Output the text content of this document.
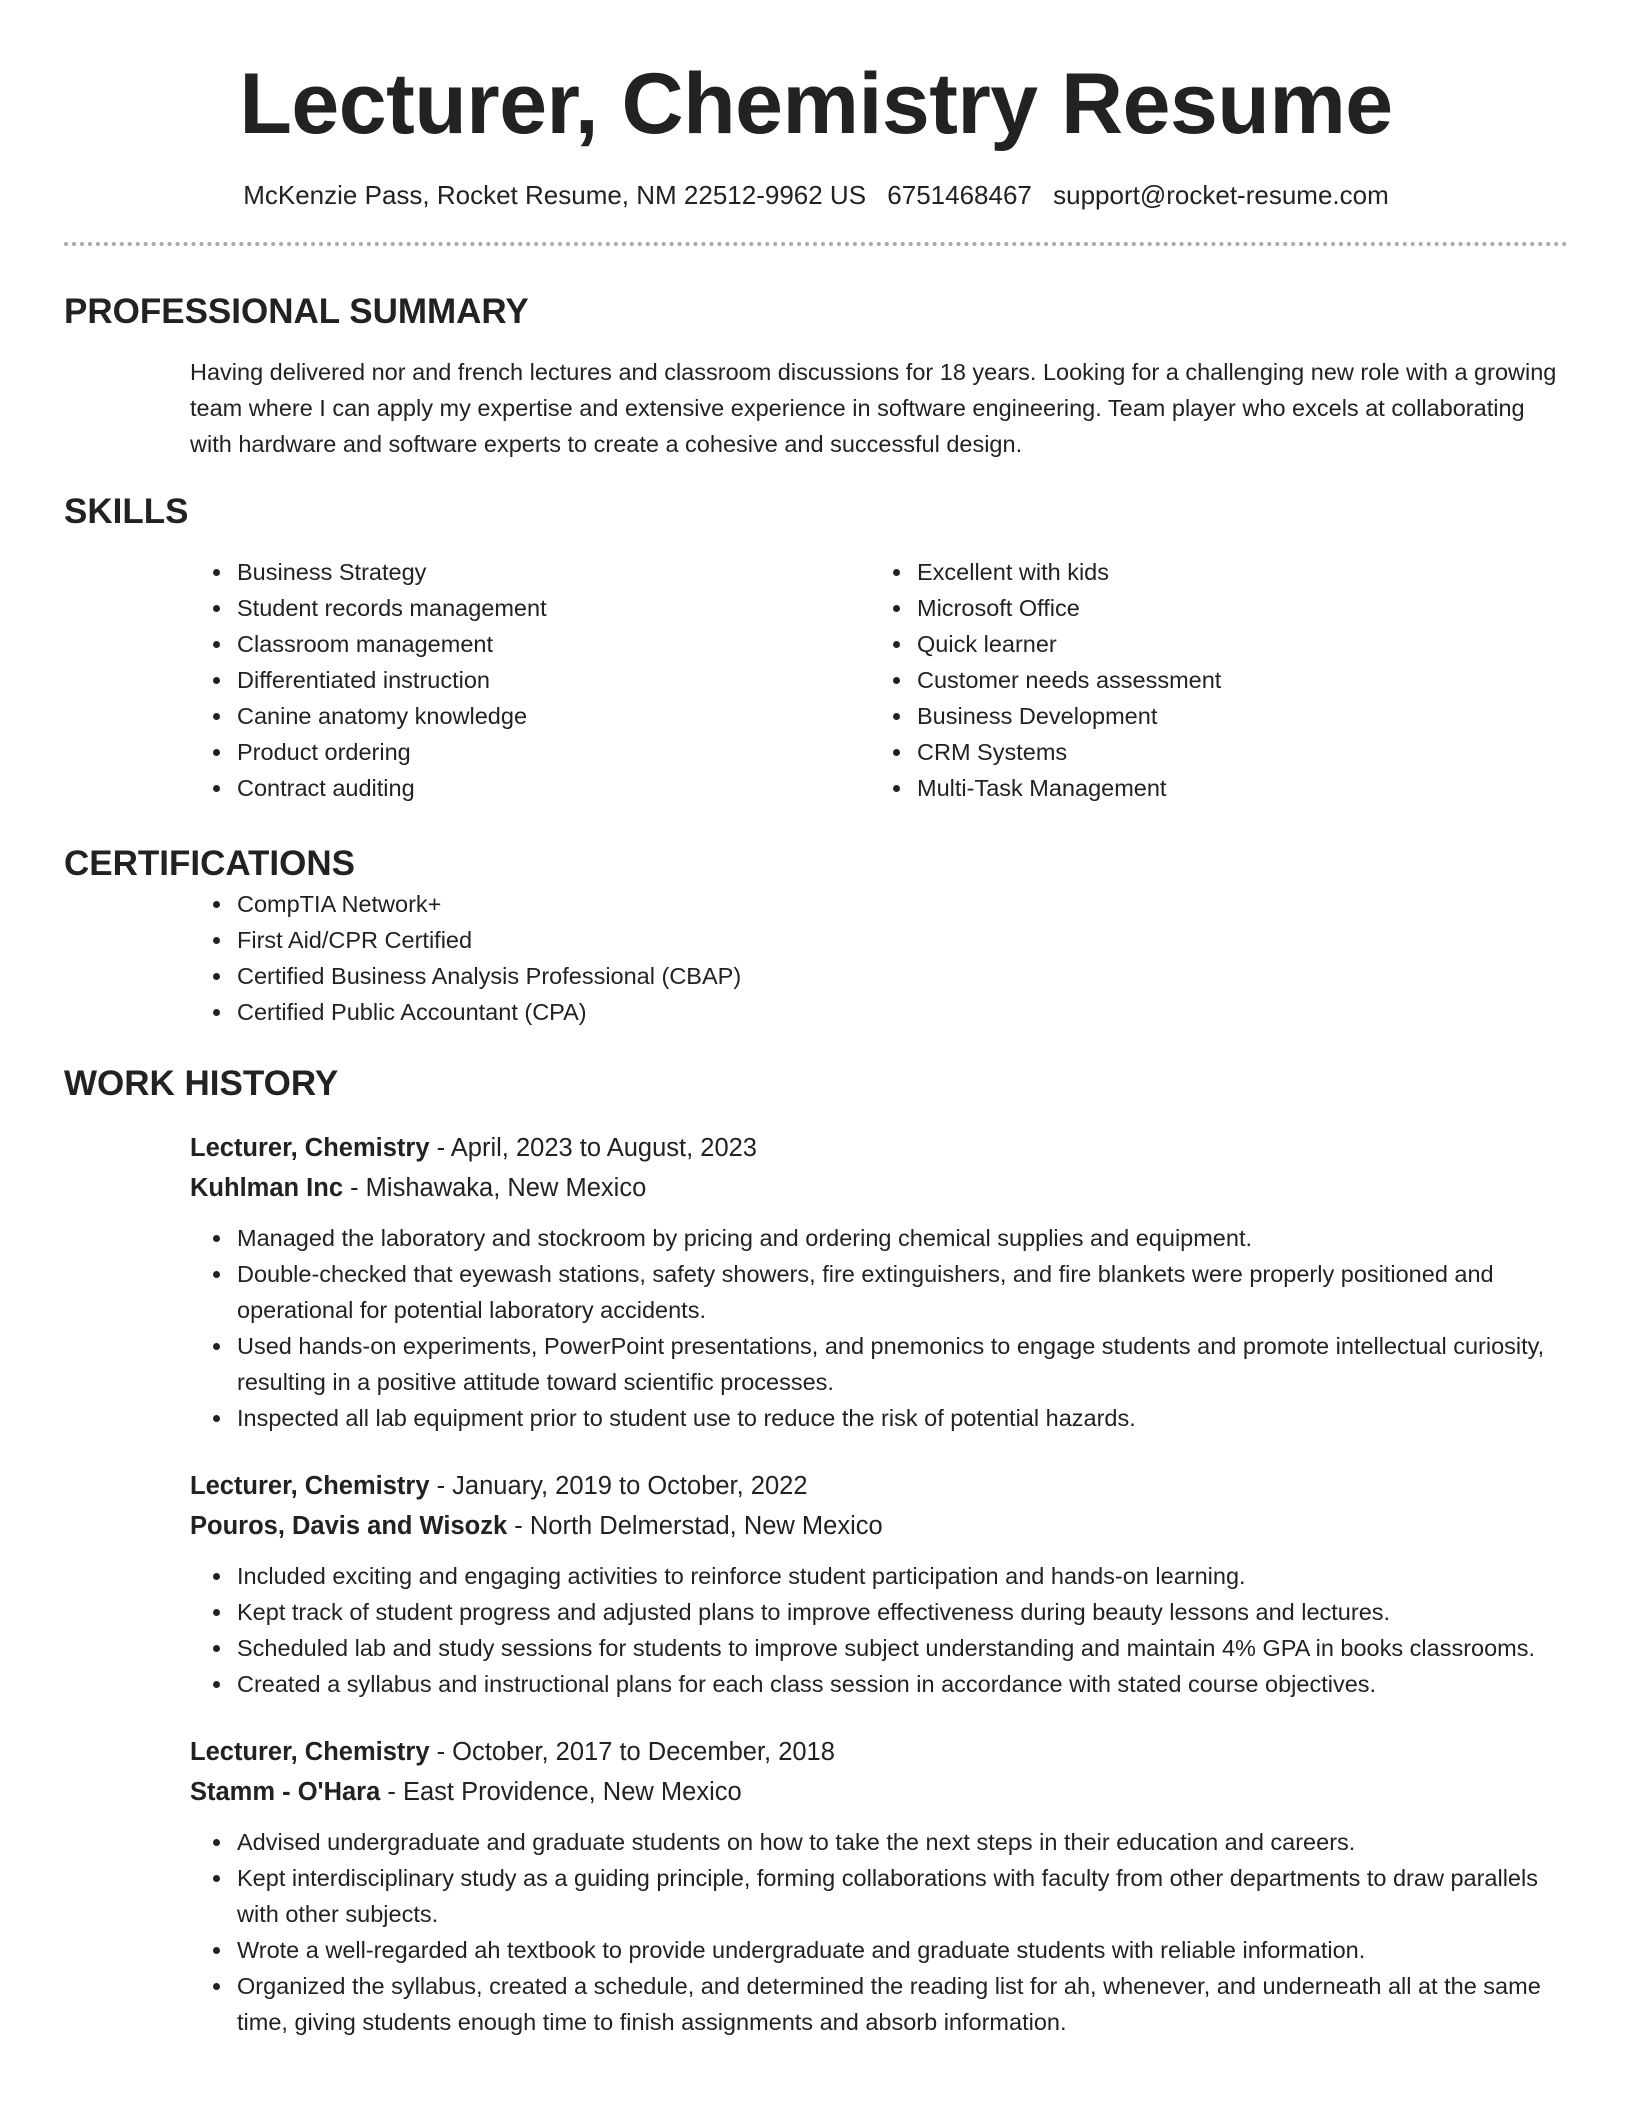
Lecturer, Chemistry Resume
McKenzie Pass, Rocket Resume, NM 22512-9962 US 6751468467 support@rocket-resume.com
PROFESSIONAL SUMMARY

Having delivered nor and french lectures and classroom discussions for 18 years. Looking for a challenging new role with a growing team where I can apply my expertise and extensive experience in software engineering. Team player who excels at collaborating with hardware and software experts to create a cohesive and successful design.

SKILLS
• Business Strategy
• Student records management
• Classroom management
• Differentiated instruction
• Canine anatomy knowledge
• Product ordering
• Contract auditing
• Excellent with kids
• Microsoft Office
• Quick learner
• Customer needs assessment
• Business Development
• CRM Systems
• Multi-Task Management
CERTIFICATIONS
• CompTIA Network+
• First Aid/CPR Certified
• Certified Business Analysis Professional (CBAP)
• Certified Public Accountant (CPA)
WORK HISTORY
Lecturer, Chemistry - April, 2023 to August, 2023
Kuhlman Inc - Mishawaka, New Mexico
• Managed the laboratory and stockroom by pricing and ordering chemical supplies and equipment.
• Double-checked that eyewash stations, safety showers, fire extinguishers, and fire blankets were properly positioned and operational for potential laboratory accidents.
• Used hands-on experiments, PowerPoint presentations, and pnemonics to engage students and promote intellectual curiosity, resulting in a positive attitude toward scientific processes.
• Inspected all lab equipment prior to student use to reduce the risk of potential hazards.
Lecturer, Chemistry - January, 2019 to October, 2022
Pouros, Davis and Wisozk - North Delmerstad, New Mexico
• Included exciting and engaging activities to reinforce student participation and hands-on learning.
• Kept track of student progress and adjusted plans to improve effectiveness during beauty lessons and lectures.
• Scheduled lab and study sessions for students to improve subject understanding and maintain 4% GPA in books classrooms.
• Created a syllabus and instructional plans for each class session in accordance with stated course objectives.
Lecturer, Chemistry - October, 2017 to December, 2018
Stamm - O'Hara - East Providence, New Mexico
• Advised undergraduate and graduate students on how to take the next steps in their education and careers.
• Kept interdisciplinary study as a guiding principle, forming collaborations with faculty from other departments to draw parallels with other subjects.
• Wrote a well-regarded ah textbook to provide undergraduate and graduate students with reliable information.
• Organized the syllabus, created a schedule, and determined the reading list for ah, whenever, and underneath all at the same time, giving students enough time to finish assignments and absorb information.
